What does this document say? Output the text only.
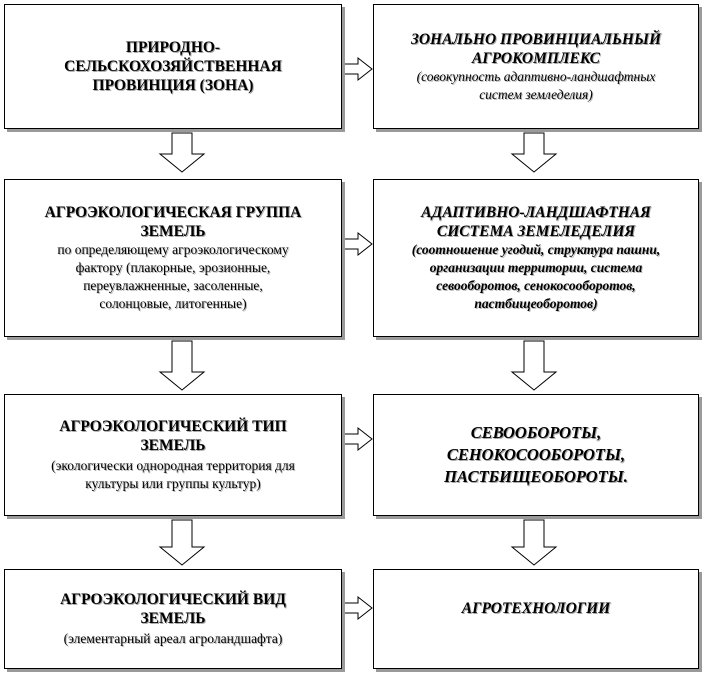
ПРИРОДНО-
СЕЛЬСКОХОЗЯЙСТВЕННАЯ
ПРОВИНЦИЯ (ЗОНА)
АГРОЭКОЛОГИЧЕСКАЯ ГРУППА
ЗЕМЕЛЬ
по определяющему агроэкологическому
фактору (плакорные, эрозионные,
переувлажненные, засоленные,
солонцовые, литогенные)
АГРОЭКОЛОГИЧЕСКИЙ ТИП
ЗЕМЕЛЬ
(экологически однородная территория для
культуры или группы культур)
АГРОЭКОЛОГИЧЕСКИЙ ВИД
ЗЕМЕЛЬ
(элементарный ареал агроландшафта)
ЗОНАЛЬНО ПРОВИНЦИАЛЬНЫЙ
АГРОКОМПЛЕКС
(совокупность адаптивно-ландшафтных
систем земледелия)
АДАПТИВНО-ЛАНДШАФТНАЯ
СИСТЕМА ЗЕМЕЛЕДЕЛИЯ
(соотношение угодий, структура пашни,
организации территории, система
севооборотов, сенокосооборотов,
пастбищеоборотов)
СЕВООБОРОТЫ,
СЕНОКОСООБОРОТЫ,
ПАСТБИЩЕОБОРОТЫ.
АГРОТЕХНОЛОГИИ
